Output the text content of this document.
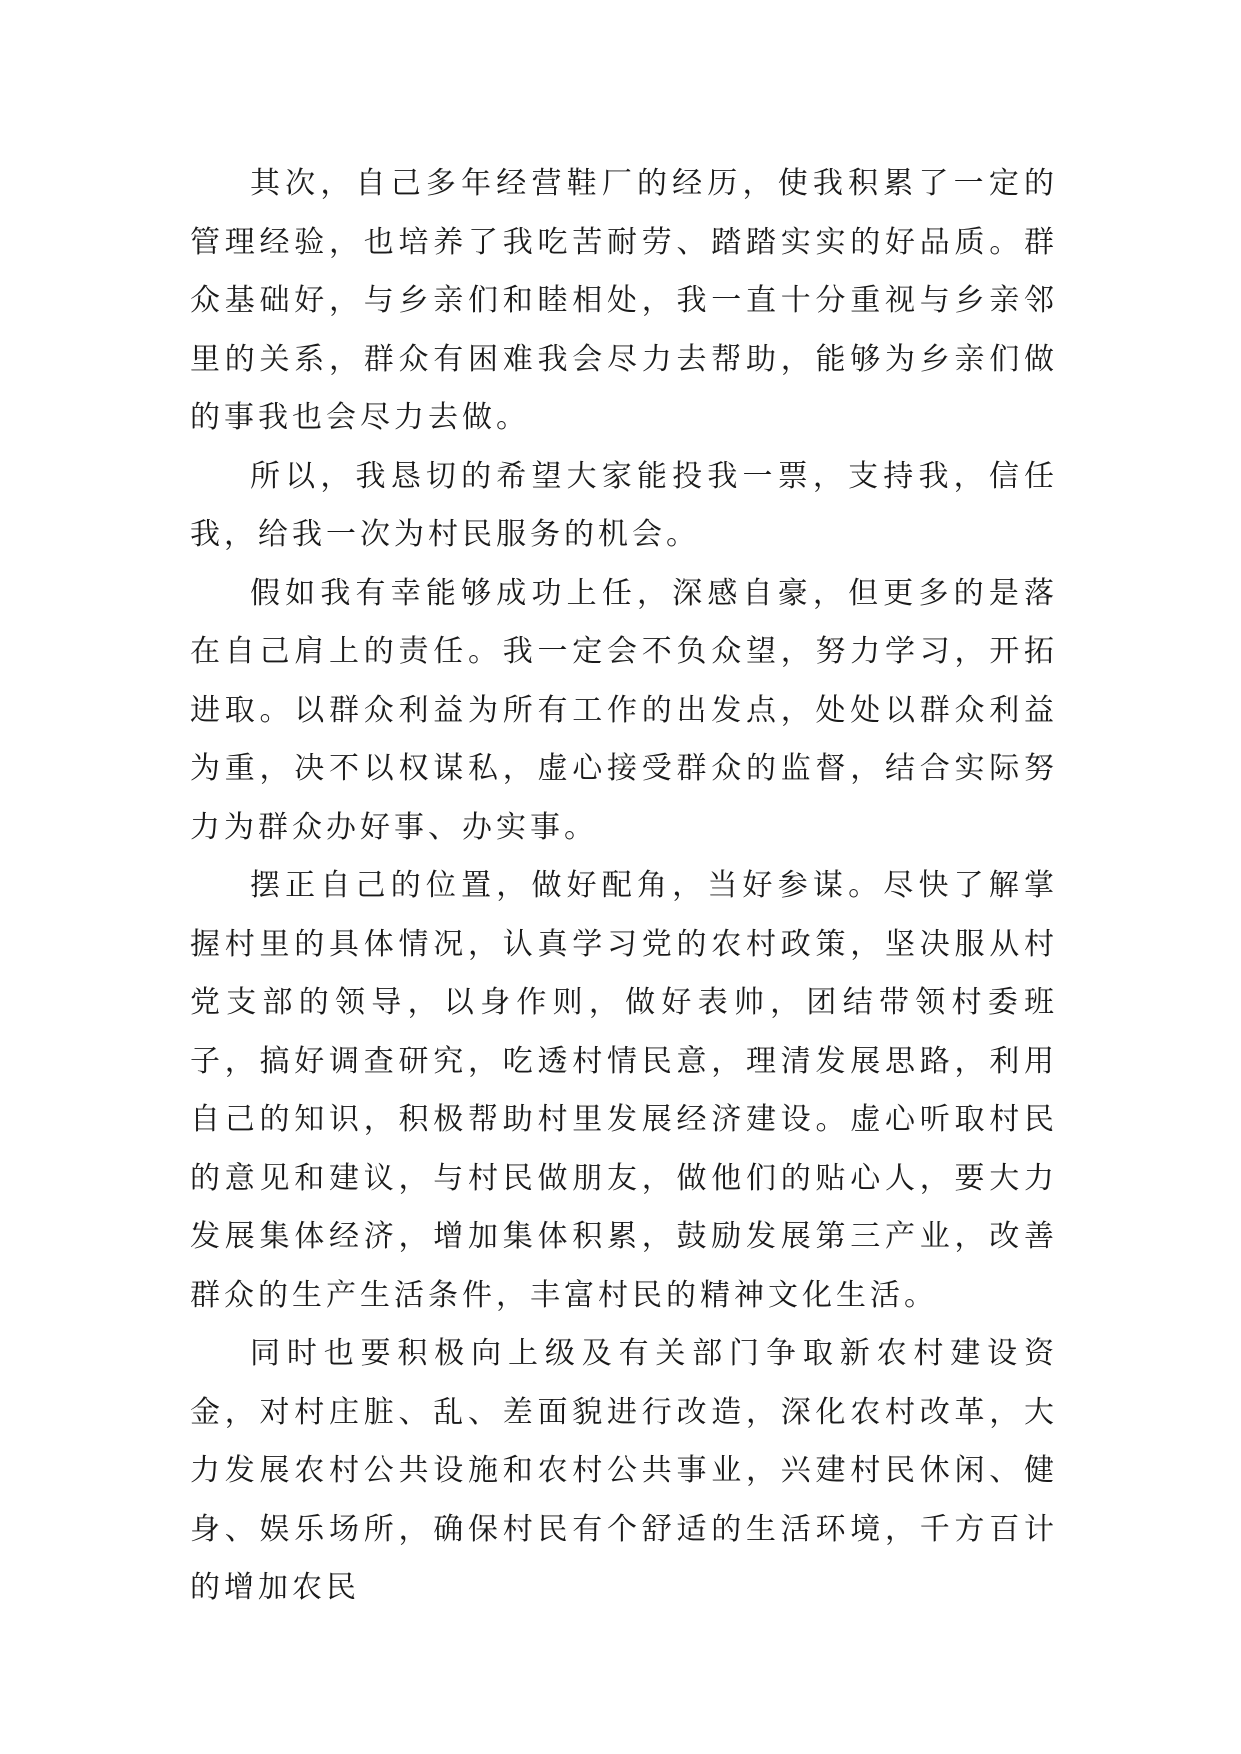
其次，自己多年经营鞋厂的经历，使我积累了一定的管理经验，也培养了我吃苦耐劳、踏踏实实的好品质。群众基础好，与乡亲们和睦相处，我一直十分重视与乡亲邻里的关系，群众有困难我会尽力去帮助，能够为乡亲们做的事我也会尽力去做。

所以，我恳切的希望大家能投我一票，支持我，信任我，给我一次为村民服务的机会。

假如我有幸能够成功上任，深感自豪，但更多的是落在自己肩上的责任。我一定会不负众望，努力学习，开拓进取。以群众利益为所有工作的出发点，处处以群众利益为重，决不以权谋私，虚心接受群众的监督，结合实际努力为群众办好事、办实事。

摆正自己的位置，做好配角，当好参谋。尽快了解掌握村里的具体情况，认真学习党的农村政策，坚决服从村党支部的领导，以身作则，做好表帅，团结带领村委班子，搞好调查研究，吃透村情民意，理清发展思路，利用自己的知识，积极帮助村里发展经济建设。虚心听取村民的意见和建议，与村民做朋友，做他们的贴心人，要大力发展集体经济，增加集体积累，鼓励发展第三产业，改善群众的生产生活条件，丰富村民的精神文化生活。

同时也要积极向上级及有关部门争取新农村建设资金，对村庄脏、乱、差面貌进行改造，深化农村改革，大力发展农村公共设施和农村公共事业，兴建村民休闲、健身、娱乐场所，确保村民有个舒适的生活环境，千方百计的增加农民
